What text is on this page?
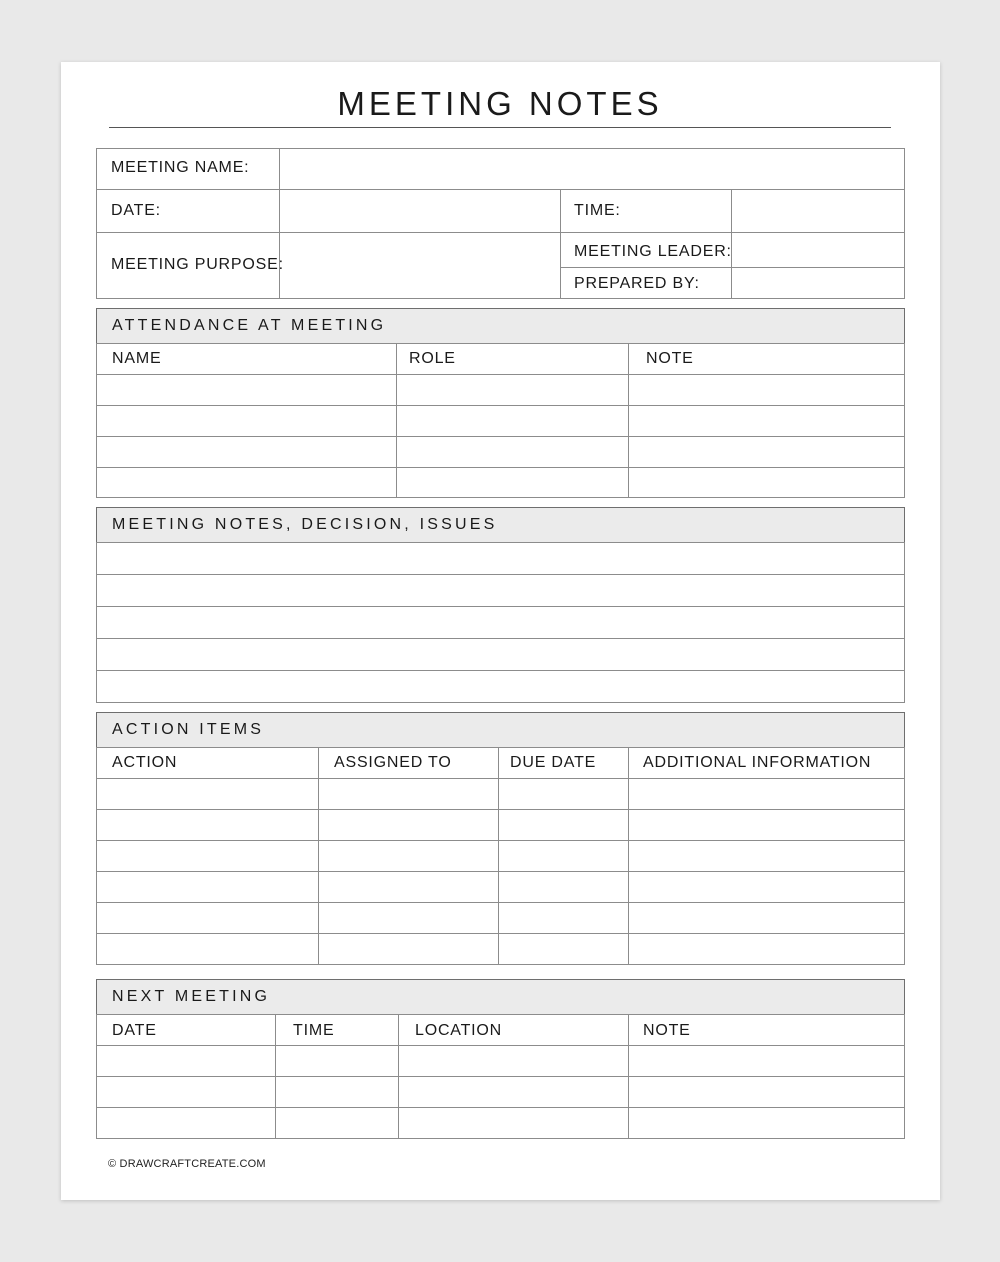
MEETING NOTES
MEETING NAME:
DATE:	TIME:
MEETING PURPOSE:
MEETING LEADER:
PREPARED BY:
ATTENDANCE AT MEETING
NAME	ROLE	NOTE
MEETING NOTES, DECISION, ISSUES
ACTION ITEMS
ACTION	ASSIGNED TO	DUE DATE	ADDITIONAL INFORMATION
NEXT MEETING
DATE	TIME	LOCATION	NOTE
© DRAWCRAFTCREATE.COM
